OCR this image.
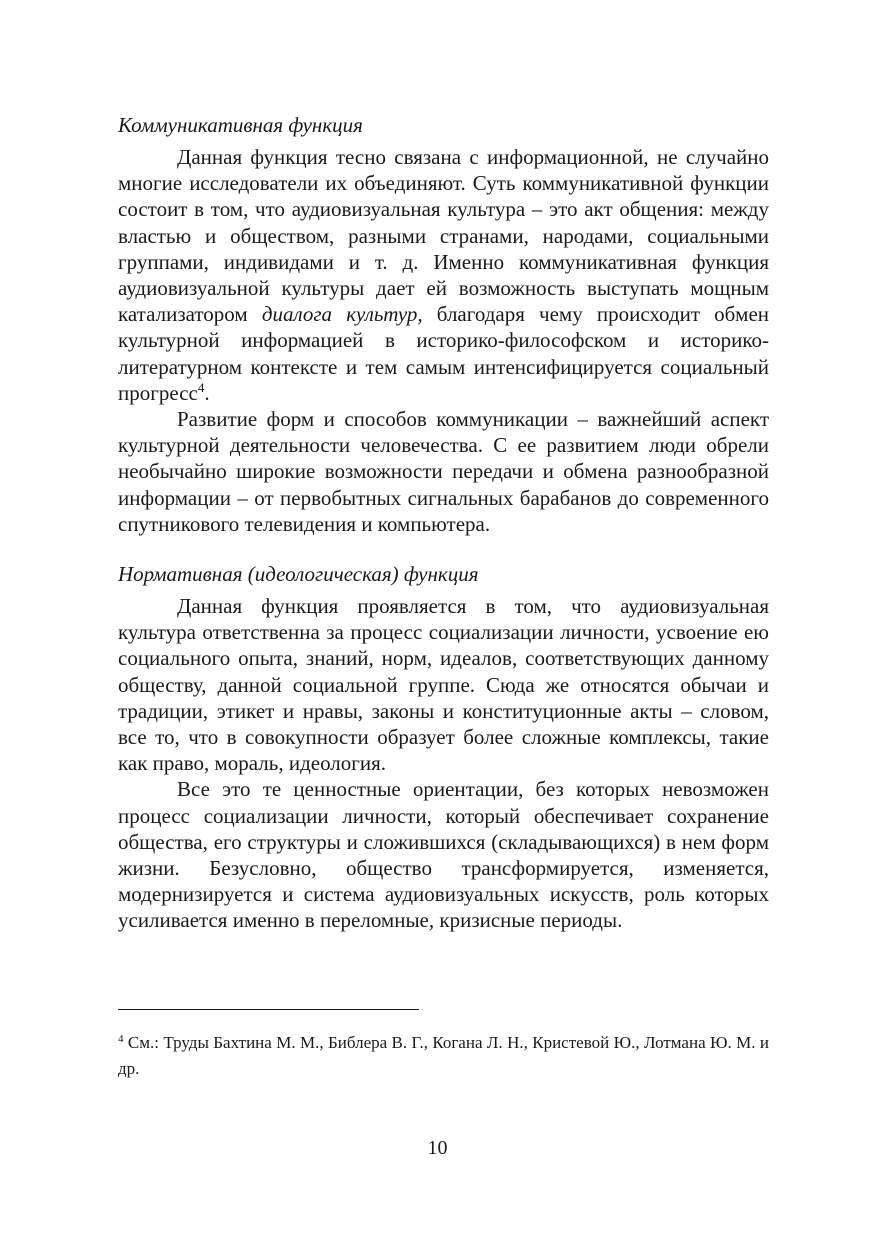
Коммуникативная функция

Данная функция тесно связана с информационной, не случайно многие исследователи их объединяют. Суть коммуникативной функции состоит в том, что аудиовизуальная культура – это акт общения: между властью и обществом, разными странами, народами, социальными группами, индивидами и т. д. Именно коммуникативная функция аудиовизуальной культуры дает ей возможность выступать мощным катализатором диалога культур, благодаря чему происходит обмен культурной информацией в историко-философском и историко-литературном контексте и тем самым интенсифицируется социальный прогресс$^4$.

Развитие форм и способов коммуникации – важнейший аспект культурной деятельности человечества. С ее развитием люди обрели необычайно широкие возможности передачи и обмена разнообразной информации – от первобытных сигнальных барабанов до современного спутникового телевидения и компьютера.

Нормативная (идеологическая) функция

Данная функция проявляется в том, что аудиовизуальная культура ответственна за процесс социализации личности, усвоение ею социального опыта, знаний, норм, идеалов, соответствующих данному обществу, данной социальной группе. Сюда же относятся обычаи и традиции, этикет и нравы, законы и конституционные акты – словом, все то, что в совокупности образует более сложные комплексы, такие как право, мораль, идеология.

Все это те ценностные ориентации, без которых невозможен процесс социализации личности, который обеспечивает сохранение общества, его структуры и сложившихся (складывающихся) в нем форм жизни. Безусловно, общество трансформируется, изменяется, модернизируется и система аудиовизуальных искусств, роль которых усиливается именно в переломные, кризисные периоды.

$^4$ См.: Труды Бахтина М. М., Библера В. Г., Когана Л. Н., Кристевой Ю., Лотмана Ю. М. и др.
10
